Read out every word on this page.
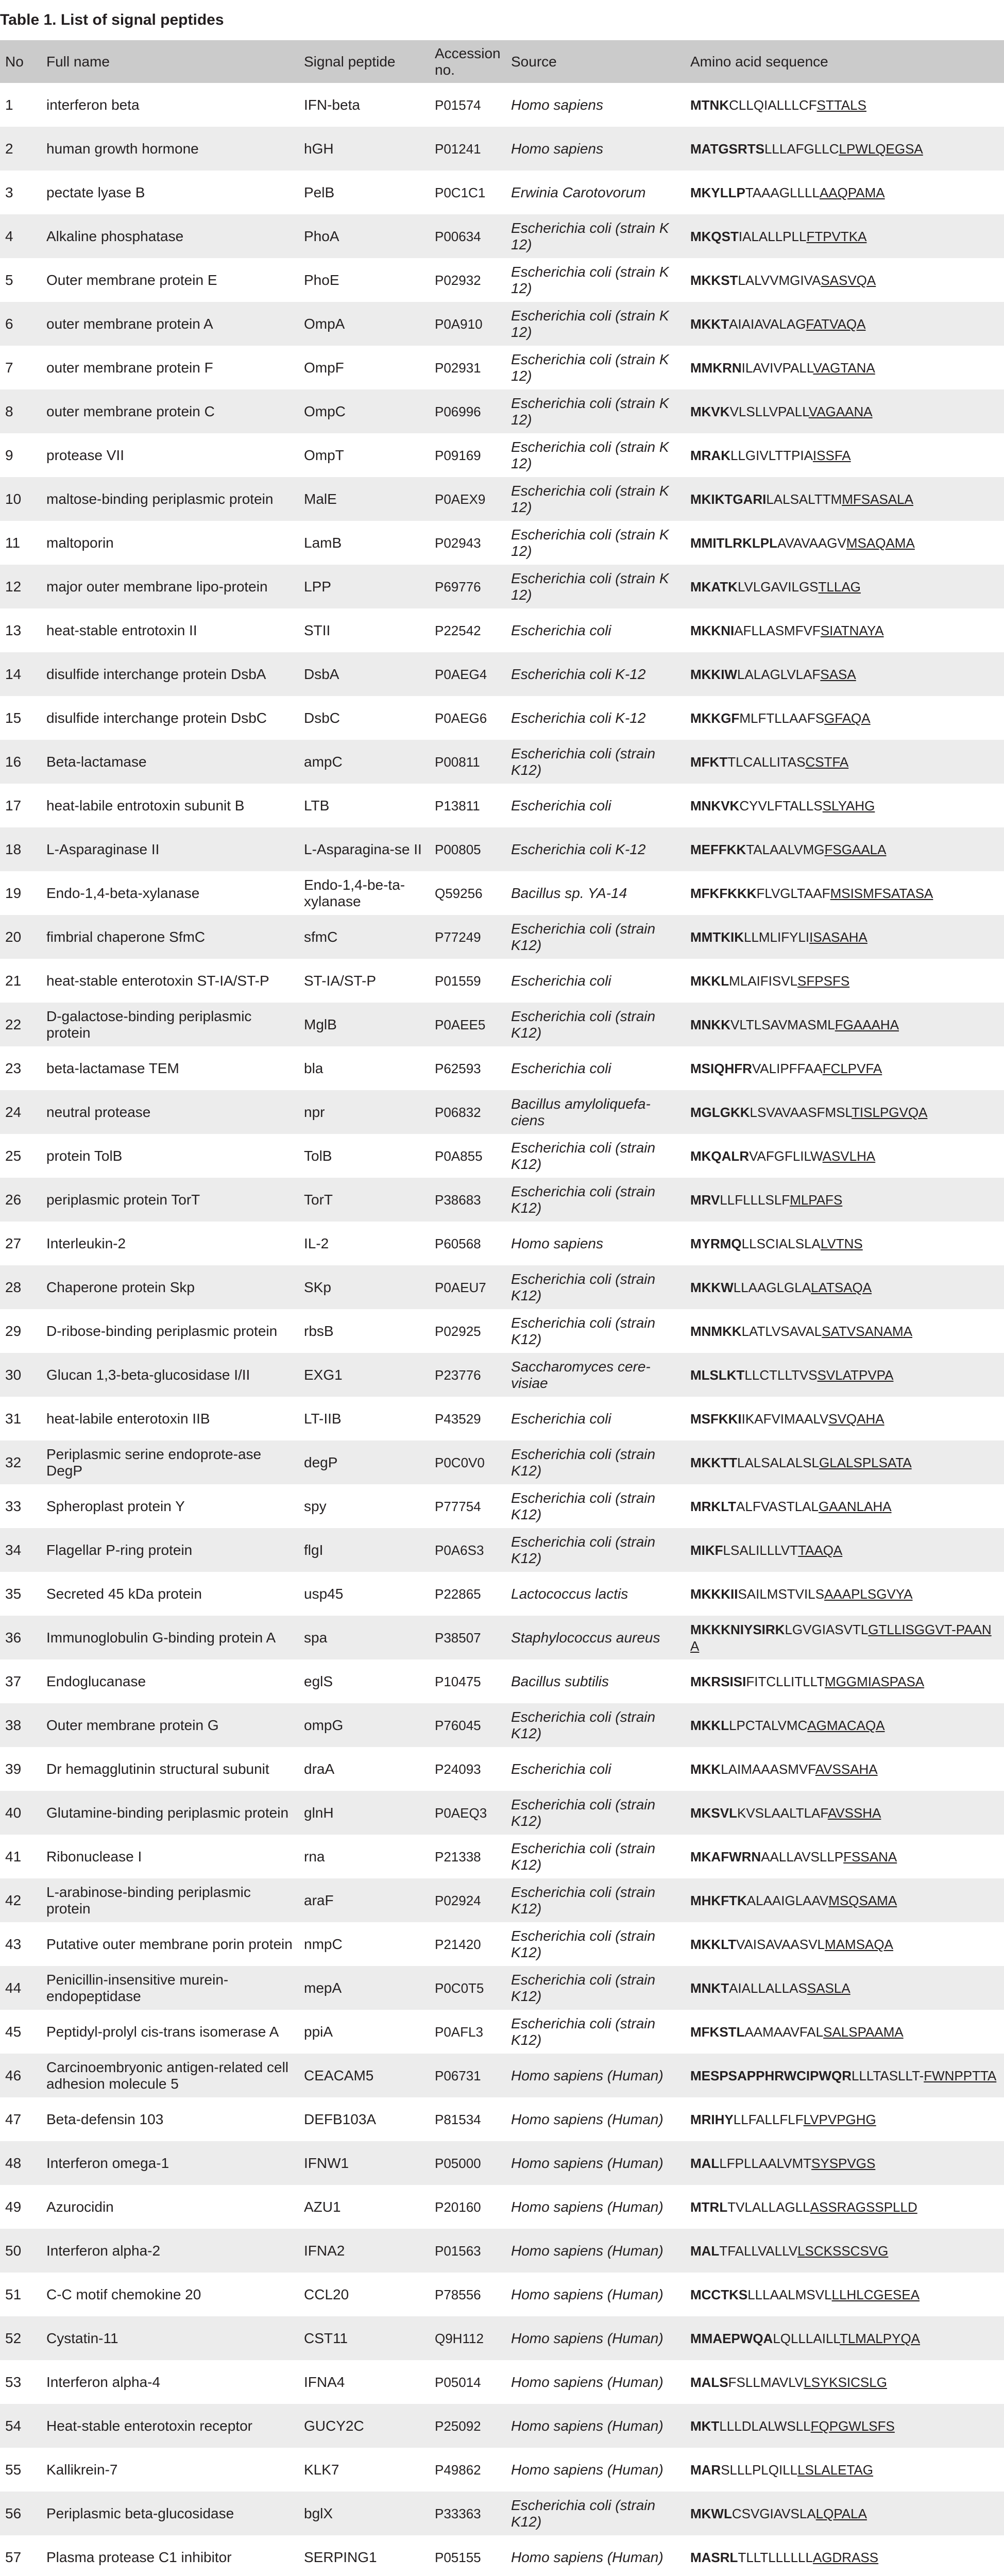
Table 1. List of signal peptides
No	Full name	Signal peptide	Accession no.	Source	Amino acid sequence
1	interferon beta	IFN-beta	P01574	Homo sapiens	MTNKCLLQIALLLCFSTTALS
2	human growth hormone	hGH	P01241	Homo sapiens	MATGSRTSLLLAFGLLCLPWLQEGSA
3	pectate lyase B	PelB	P0C1C1	Erwinia Carotovorum	MKYLLPTAAAGLLLLAAQPAMA
4	Alkaline phosphatase	PhoA	P00634	Escherichia coli (strain K 12)	MKQSTIALALLPLLFTPVTKA
5	Outer membrane protein E	PhoE	P02932	Escherichia coli (strain K 12)	MKKSTLALVVMGIVASASVQA
6	outer membrane protein A	OmpA	P0A910	Escherichia coli (strain K 12)	MKKTAIAIAVALAGFATVAQA
7	outer membrane protein F	OmpF	P02931	Escherichia coli (strain K 12)	MMKRNILAVIVPALLVAGTANA
8	outer membrane protein C	OmpC	P06996	Escherichia coli (strain K 12)	MKVKVLSLLVPALLVAGAANA
9	protease VII	OmpT	P09169	Escherichia coli (strain K 12)	MRAKLLGIVLTTPIAISSFA
10	maltose-binding periplasmic protein	MalE	P0AEX9	Escherichia coli (strain K 12)	MKIKTGARILALSALTTMMFSASALA
11	maltoporin	LamB	P02943	Escherichia coli (strain K 12)	MMITLRKLPLAVAVAAGVMSAQAMA
12	major outer membrane lipo-protein	LPP	P69776	Escherichia coli (strain K 12)	MKATKLVLGAVILGSTLLAG
13	heat-stable entrotoxin II	STII	P22542	Escherichia coli	MKKNIAFLLASMFVFSIATNAYA
14	disulfide interchange protein DsbA	DsbA	P0AEG4	Escherichia coli K-12	MKKIWLALAGLVLAFSASA
15	disulfide interchange protein DsbC	DsbC	P0AEG6	Escherichia coli K-12	MKKGFMLFTLLAAFSGFAQA
16	Beta-lactamase	ampC	P00811	Escherichia coli (strain K12)	MFKTTLCALLITASCSTFA
17	heat-labile entrotoxin subunit B	LTB	P13811	Escherichia coli	MNKVKCYVLFTALLSSLYAHG
18	L-Asparaginase II	L-Asparagina-se II	P00805	Escherichia coli K-12	MEFFKKTALAALVMGFSGAALA
19	Endo-1,4-beta-xylanase	Endo-1,4-be-ta-xylanase	Q59256	Bacillus sp. YA-14	MFKFKKKFLVGLTAAFMSISMFSATASA
20	fimbrial chaperone SfmC	sfmC	P77249	Escherichia coli (strain K12)	MMTKIKLLMLIFYLIISASAHA
21	heat-stable enterotoxin ST-IA/ST-P	ST-IA/ST-P	P01559	Escherichia coli	MKKLMLAIFISVLSFPSFS
22	D-galactose-binding periplasmic protein	MglB	P0AEE5	Escherichia coli (strain K12)	MNKKVLTLSAVMASMLFGAAAHA
23	beta-lactamase TEM	bla	P62593	Escherichia coli	MSIQHFRVALIPFFAAFCLPVFA
24	neutral protease	npr	P06832	Bacillus amyloliquefa-ciens	MGLGKKLSVAVAASFMSLTISLPGVQA
25	protein TolB	TolB	P0A855	Escherichia coli (strain K12)	MKQALRVAFGFLILWASVLHA
26	periplasmic protein TorT	TorT	P38683	Escherichia coli (strain K12)	MRVLLFLLLSLFMLPAFS
27	Interleukin-2	IL-2	P60568	Homo sapiens	MYRMQLLSCIALSLALVTNS
28	Chaperone protein Skp	SKp	P0AEU7	Escherichia coli (strain K12)	MKKWLLAAGLGLALATSAQA
29	D-ribose-binding periplasmic protein	rbsB	P02925	Escherichia coli (strain K12)	MNMKKLATLVSAVALSATVSANAMA
30	Glucan 1,3-beta-glucosidase I/II	EXG1	P23776	Saccharomyces cere-visiae	MLSLKTLLCTLLTVSSVLATPVPA
31	heat-labile enterotoxin IIB	LT-IIB	P43529	Escherichia coli	MSFKKIIKAFVIMAALVSVQAHA
32	Periplasmic serine endoprote-ase DegP	degP	P0C0V0	Escherichia coli (strain K12)	MKKTTLALSALALSLGLALSPLSATA
33	Spheroplast protein Y	spy	P77754	Escherichia coli (strain K12)	MRKLTALFVASTLALGAANLAHA
34	Flagellar P-ring protein	flgI	P0A6S3	Escherichia coli (strain K12)	MIKFLSALILLLVTTAAQA
35	Secreted 45 kDa protein	usp45	P22865	Lactococcus lactis	MKKKIISAILMSTVILSAAAPLSGVYA
36	Immunoglobulin G-binding protein A	spa	P38507	Staphylococcus aureus	MKKKNIYSIRKLGVGIASVTLGTLLISGGVT-PAANA
37	Endoglucanase	eglS	P10475	Bacillus subtilis	MKRSISIFITCLLITLLTMGGMIASPASA
38	Outer membrane protein G	ompG	P76045	Escherichia coli (strain K12)	MKKLLPCTALVMCAGMACAQA
39	Dr hemagglutinin structural subunit	draA	P24093	Escherichia coli	MKKLAIMAAASMVFAVSSAHA
40	Glutamine-binding periplasmic protein	glnH	P0AEQ3	Escherichia coli (strain K12)	MKSVLKVSLAALTLAFAVSSHA
41	Ribonuclease I	rna	P21338	Escherichia coli (strain K12)	MKAFWRNAALLAVSLLPFSSANA
42	L-arabinose-binding periplasmic protein	araF	P02924	Escherichia coli (strain K12)	MHKFTKALAAIGLAAVMSQSAMA
43	Putative outer membrane porin protein	nmpC	P21420	Escherichia coli (strain K12)	MKKLTVAISAVAASVLMAMSAQA
44	Penicillin-insensitive murein-endopeptidase	mepA	P0C0T5	Escherichia coli (strain K12)	MNKTAIALLALLASSASLA
45	Peptidyl-prolyl cis-trans isomerase A	ppiA	P0AFL3	Escherichia coli (strain K12)	MFKSTLAAMAAVFALSALSPAAMA
46	Carcinoembryonic antigen-related cell adhesion molecule 5	CEACAM5	P06731	Homo sapiens (Human)	MESPSAPPHRWCIPWQRLLLTASLLT-FWNPPTTA
47	Beta-defensin 103	DEFB103A	P81534	Homo sapiens (Human)	MRIHYLLFALLFLFLVPVPGHG
48	Interferon omega-1	IFNW1	P05000	Homo sapiens (Human)	MALLFPLLAALVMTSYSPVGS
49	Azurocidin	AZU1	P20160	Homo sapiens (Human)	MTRLTVLALLAGLLASSRAGSSPLLD
50	Interferon alpha-2	IFNA2	P01563	Homo sapiens (Human)	MALTFALLVALLVLSCKSSCSVG
51	C-C motif chemokine 20	CCL20	P78556	Homo sapiens (Human)	MCCTKSLLLAALMSVLLLHLCGESEA
52	Cystatin-11	CST11	Q9H112	Homo sapiens (Human)	MMAEPWQALQLLLAILLTLMALPYQA
53	Interferon alpha-4	IFNA4	P05014	Homo sapiens (Human)	MALSFSLLMAVLVLSYKSICSLG
54	Heat-stable enterotoxin receptor	GUCY2C	P25092	Homo sapiens (Human)	MKTLLLDLALWSLLFQPGWLSFS
55	Kallikrein-7	KLK7	P49862	Homo sapiens (Human)	MARSLLLPLQILLLSLALETAG
56	Periplasmic beta-glucosidase	bglX	P33363	Escherichia coli (strain K12)	MKWLCSVGIAVSLALQPALA
57	Plasma protease C1 inhibitor	SERPING1	P05155	Homo sapiens (Human)	MASRLTLLTLLLLLLAGDRASS
